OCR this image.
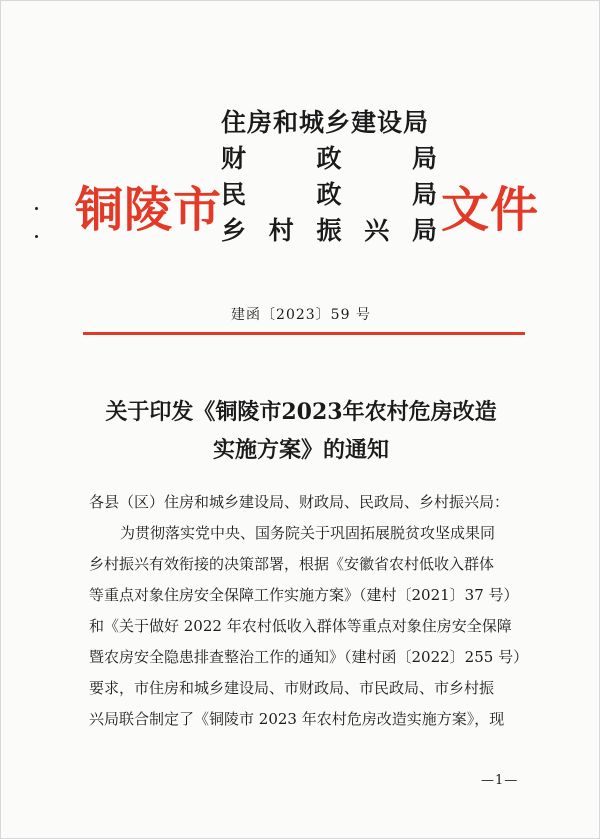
铜陵市
住房和城乡建设局
财	政	局
民	政	局
乡 村 振 兴 局 文件
建函〔2023〕59 号
关于印发《铜陵市2023年农村危房改造
实施方案》的通知

各县（区）住房和城乡建设局、财政局、民政局、乡村振兴局：

为贯彻落实党中央、国务院关于巩固拓展脱贫攻坚成果同

乡村振兴有效衔接的决策部署，根据《安徽省农村低收入群体

等重点对象住房安全保障工作实施方案》（建村〔2021〕37 号）

和《关于做好 2022 年农村低收入群体等重点对象住房安全保障

暨农房安全隐患排查整治工作的通知》（建村函〔2022〕255 号）

要求，市住房和城乡建设局、市财政局、市民政局、市乡村振

兴局联合制定了《铜陵市 2023 年农村危房改造实施方案》，现

—1—
